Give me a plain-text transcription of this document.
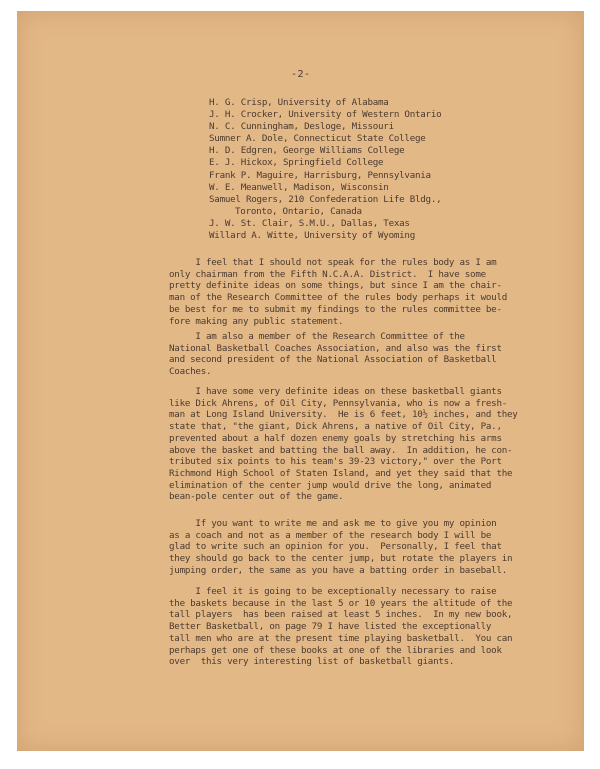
-2-
H. G. Crisp, University of Alabama
J. H. Crocker, University of Western Ontario
N. C. Cunningham, Desloge, Missouri
Sumner A. Dole, Connecticut State College
H. D. Edgren, George Williams College
E. J. Hickox, Springfield College
Frank P. Maguire, Harrisburg, Pennsylvania
W. E. Meanwell, Madison, Wisconsin
Samuel Rogers, 210 Confederation Life Bldg.,
Toronto, Ontario, Canada
J. W. St. Clair, S.M.U., Dallas, Texas
Willard A. Witte, University of Wyoming
I feel that I should not speak for the rules body as I am
only chairman from the Fifth N.C.A.A. District.  I have some
pretty definite ideas on some things, but since I am the chair-
man of the Research Committee of the rules body perhaps it would
be best for me to submit my findings to the rules committee be-
fore making any public statement.
I am also a member of the Research Committee of the
National Basketball Coaches Association, and also was the first
and second president of the National Association of Basketball
Coaches.
I have some very definite ideas on these basketball giants
like Dick Ahrens, of Oil City, Pennsylvania, who is now a fresh-
man at Long Island University.  He is 6 feet, 10½ inches, and they
state that, "the giant, Dick Ahrens, a native of Oil City, Pa.,
prevented about a half dozen enemy goals by stretching his arms
above the basket and batting the ball away.  In addition, he con-
tributed six points to his team's 39-23 victory," over the Port
Richmond High School of Staten Island, and yet they said that the
elimination of the center jump would drive the long, animated
bean-pole center out of the game.
If you want to write me and ask me to give you my opinion
as a coach and not as a member of the research body I will be
glad to write such an opinion for you.  Personally, I feel that
they should go back to the center jump, but rotate the players in
jumping order, the same as you have a batting order in baseball.
I feel it is going to be exceptionally necessary to raise
the baskets because in the last 5 or 10 years the altitude of the
tall players  has been raised at least 5 inches.  In my new book,
Better Basketball, on page 79 I have listed the exceptionally
tall men who are at the present time playing basketball.  You can
perhaps get one of these books at one of the libraries and look
over  this very interesting list of basketball giants.
